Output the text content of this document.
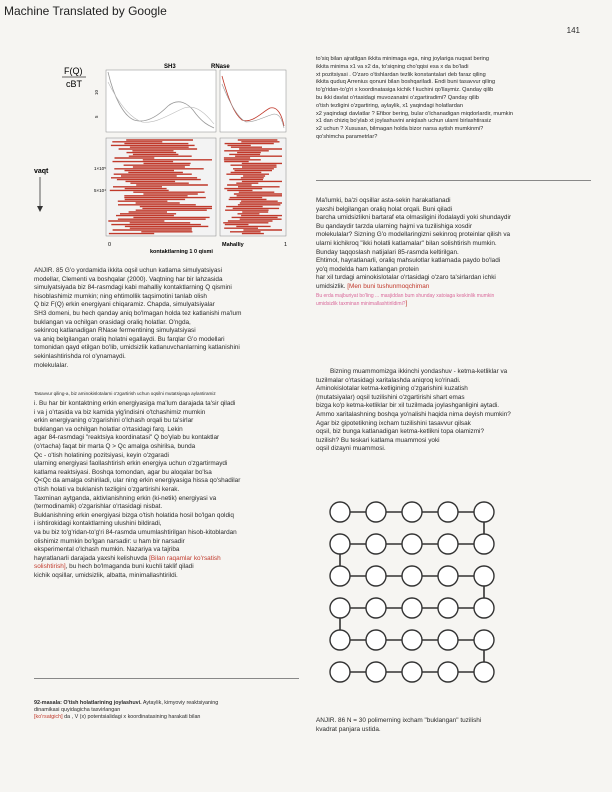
Machine Translated by Google
141
F(Q)
cBT
vaqt
SH3	RNase
10
5
1×10⁵
5×10⁴
0	1
Mahalliy
kontaktlarning 1 0 qismi

ANJIR. 85 G'o yordamida ikkita oqsil uchun katlama simulyatsiyasi
modellar, Clementi va boshqalar (2000). Vaqtning har bir lahzasida
simulyatsiyada biz 84-rasmdagi kabi mahalliy kontaktlarning Q qismini
hisoblashimiz mumkin; ning ehtimollik taqsimotini tanlab olish
Q biz F(Q) erkin energiyani chiqaramiz. Chapda, simulyatsiyalar
SH3 domeni, bu hech qanday aniq bo'lmagan holda tez katlanishi ma'lum
buklangan va ochilgan orasidagi oraliq holatlar. O'ngda,
sekinroq katlanadigan RNase fermentining simulyatsiyasi
va aniq belgilangan oraliq holatni egallaydi. Bu farqlar G'o modellari
tomonidan qayd etilgan bo'lib, umidsizlik katlanuvchanlarning katlanishini
sekinlashtirishda rol o'ynamaydi.
molekulalar.

Tasavvur qiling-a, biz aminokislotalarni o'zgartirish uchun oqsilni mutatsiyaga aylantiramiz

i. Bu har bir kontaktning erkin energiyasiga ma'lum darajada ta'sir qiladi
i va j o'rtasida va biz kamida yig'indisini o'tchashimiz mumkin
erkin energiyaning o'zgarishini o'lchash orqali bu ta'sirlar
buklangan va ochilgan holatlar o'rtasidagi farq. Lekin
agar 84-rasmdagi "reaktsiya koordinatasi" Q bo'ylab bu kontaktlar
(o'rtacha) faqat bir marta Q > Qc amalga oshirilsa, bunda
Qc - o'tish holatining pozitsiyasi, keyin o'zgaradi
ularning energiyasi faollashtirish erkin energiya uchun o'zgartirmaydi
katlama reaktsiyasi. Boshqa tomondan, agar bu aloqalar bo'lsa
Q<Qc da amalga oshiriladi, ular ning erkin energiyasiga hissa qo'shadilar
o'tish holati va buklanish tezligini o'zgartirishi kerak.
Taxminan aytganda, aktivlanishning erkin (ki-netik) energiyasi va
(termodinamik) o'zgarishlar o'rtasidagi nisbat.
Buklanishning erkin energiyasi bizga o'tish holatida hosil bo'lgan qoldiq
i ishtirokidagi kontaktlarning ulushini bildiradi,
va bu biz to'g'ridan-to'g'ri 84-rasmda umumlashtirilgan hisob-kitoblardan
olishimiz mumkin bo'lgan narsadir: u ham bir narsadir
eksperimental o'lchash mumkin. Nazariya va tajriba
hayratlanarli darajada yaxshi kelishuvda [Bilan raqamlar ko'rsatish
solishtirish], bu hech bo'lmaganda buni kuchli taklif qiladi
kichik oqsillar, umidsizlik, albatta, minimallashtirildi.

92-masala: O'tish holatlarining joylashuvi. Aytaylik, kimyoviy reaktsiyaning
dinamikasi quyidagicha tasvirlangan
[ko'rsatgich] da , V (x) potentsialidagi x koordinatasining harakati bilan

to'siq bilan ajratilgan ikkita minimaga ega, ning joylariga nuqsat bering
ikkita minima x1 va x2 da, to'siqning cho'qqisi esa x da bo'ladi
xt pozitsiyasi . O'zaro o'tishlardan tezlik konstantalari deb faraz qiling
ikkita quduq Arrenius qonuni bilan boshqariladi. Endi buni tasavvur qiling
to'g'ridan-to'g'ri x koordinatasiga kichik f kuchini qo'llaymiz. Qanday qilib
bu ikki davlat o'rtasidagi muvozanatni o'zgartiradimi? Qanday qilib
o'tish tezligini o'zgartiring, aylaylik, x1 yaqindagi holatlardan
x2 yaqindagi davlatlar ? Efibor bering, bular o'lchanadigan miqdorlardir, mumkin
x1 dan chiziq bo'ylab xt joylashuvini aniqlash uchun ularni birlashtirasiz
x2 uchun ? Xususan, bilmagan holda bizor narsa aytish mumkinmi?
qo'shimcha parametrlar?

Ma'lumki, ba'zi oqsillar asta-sekin harakatlanadi
yaxshi belgilangan oraliq holat orqali. Buni qiladi
barcha umidsizlikni bartaraf eta olmasligini ifodalaydi yoki shundaydir
Bu qandaydir tarzda ularning hajmi va tuzilishiga xosdir
molekulalar? Sizning G'o modellaringizni sekinroq proteinlar qilish va
ularni kichikroq "ikki holatli katlamalar" bilan solishtirish mumkin.
Bunday taqqoslash natijalari 85-rasmda keltirilgan.
Ehtimol, hayratlanarli, oraliq mahsulotlar katlamada paydo bo'ladi
yo'q modelda ham katlangan protein
har xil turdagi aminokislotalar o'rtasidagi o'zaro ta'sirlardan ichki
umidsizlik. [Men buni tushunmoqchiman
Bu erda majburiyat bo'ling ... masjiddan bum shunday xatoiaga keskinlik mumkin
umidsizlik taxminan minimallashtirildimi?]

Bizning muammomizga ikkinchi yondashuv - ketma-ketliklar va
tuzilmalar o'rtasidagi xaritalashda aniqroq ko'rinadi.
Aminokislotalar ketma-ketligining o'zgarishini kuzatish
(mutatsiyalar) oqsil tuzilishini o'zgartirishi shart emas
bizga ko'p ketma-ketliklar bir xil tuzilmada joylashganligini aytadi.
Ammo xaritalashning boshqa yo'nalishi haqida nima deyish mumkin?
Agar biz gipotetikning ixcham tuzilishini tasavvur qilsak
oqsil, biz bunga katlanadigan ketma-ketlikni topa olamizmi?
tuzilish? Bu teskari katlama muammosi yoki
oqsil dizayni muammosi.

ANJIR. 86 N = 30 polimerning ixcham "buklangan" tuzilishi
kvadrat panjara ustida.
